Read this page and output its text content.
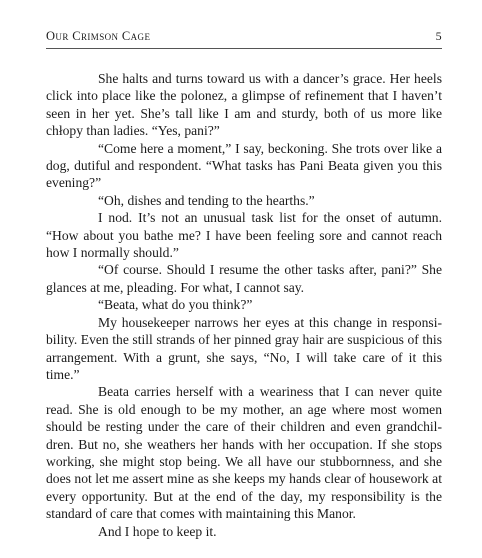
Our Crimson Cage	5

She halts and turns toward us with a dancer’s grace. Her heels click into place like the polonez, a glimpse of refinement that I haven’t seen in her yet. She’s tall like I am and sturdy, both of us more like chłopy than ladies. “Yes, pani?”

“Come here a moment,” I say, beckoning. She trots over like a dog, dutiful and respondent. “What tasks has Pani Beata given you this evening?”

“Oh, dishes and tending to the hearths.”

I nod. It’s not an unusual task list for the onset of autumn. “How about you bathe me? I have been feeling sore and cannot reach how I normally should.”

“Of course. Should I resume the other tasks after, pani?” She glances at me, pleading. For what, I cannot say.

“Beata, what do you think?”

My housekeeper narrows her eyes at this change in responsibility. Even the still strands of her pinned gray hair are suspicious of this arrangement. With a grunt, she says, “No, I will take care of it this time.”

Beata carries herself with a weariness that I can never quite read. She is old enough to be my mother, an age where most women should be resting under the care of their children and even grandchildren. But no, she weathers her hands with her occupation. If she stops working, she might stop being. We all have our stubbornness, and she does not let me assert mine as she keeps my hands clear of housework at every opportunity. But at the end of the day, my responsibility is the standard of care that comes with maintaining this Manor.

And I hope to keep it.
